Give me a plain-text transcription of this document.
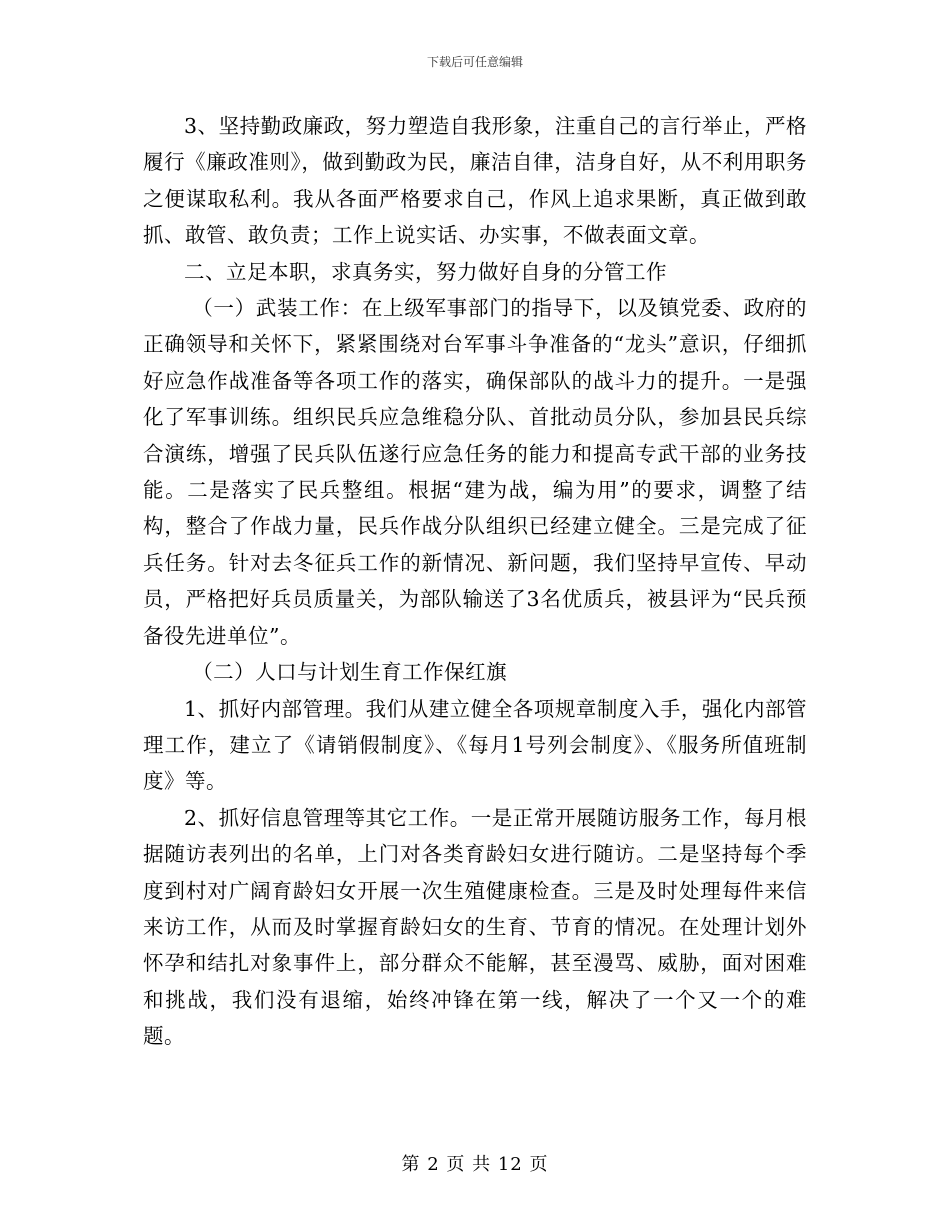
下载后可任意编辑

3、坚持勤政廉政，努力塑造自我形象，注重自己的言行举止，严格履行《廉政准则》，做到勤政为民，廉洁自律，洁身自好，从不利用职务之便谋取私利。我从各面严格要求自己，作风上追求果断，真正做到敢抓、敢管、敢负责；工作上说实话、办实事，不做表面文章。

二、立足本职，求真务实，努力做好自身的分管工作

（一）武装工作：在上级军事部门的指导下，以及镇党委、政府的正确领导和关怀下，紧紧围绕对台军事斗争准备的“龙头”意识，仔细抓好应急作战准备等各项工作的落实，确保部队的战斗力的提升。一是强化了军事训练。组织民兵应急维稳分队、首批动员分队，参加县民兵综合演练，增强了民兵队伍遂行应急任务的能力和提高专武干部的业务技能。二是落实了民兵整组。根据“建为战，编为用”的要求，调整了结构，整合了作战力量，民兵作战分队组织已经建立健全。三是完成了征兵任务。针对去冬征兵工作的新情况、新问题，我们坚持早宣传、早动员，严格把好兵员质量关，为部队输送了3名优质兵，被县评为“民兵预备役先进单位”。

（二）人口与计划生育工作保红旗

1、抓好内部管理。我们从建立健全各项规章制度入手，强化内部管理工作，建立了《请销假制度》、《每月1号列会制度》、《服务所值班制度》等。

2、抓好信息管理等其它工作。一是正常开展随访服务工作，每月根据随访表列出的名单，上门对各类育龄妇女进行随访。二是坚持每个季度到村对广阔育龄妇女开展一次生殖健康检查。三是及时处理每件来信来访工作，从而及时掌握育龄妇女的生育、节育的情况。在处理计划外怀孕和结扎对象事件上，部分群众不能解，甚至漫骂、威胁，面对困难和挑战，我们没有退缩，始终冲锋在第一线，解决了一个又一个的难题。

第 2 页 共 12 页
